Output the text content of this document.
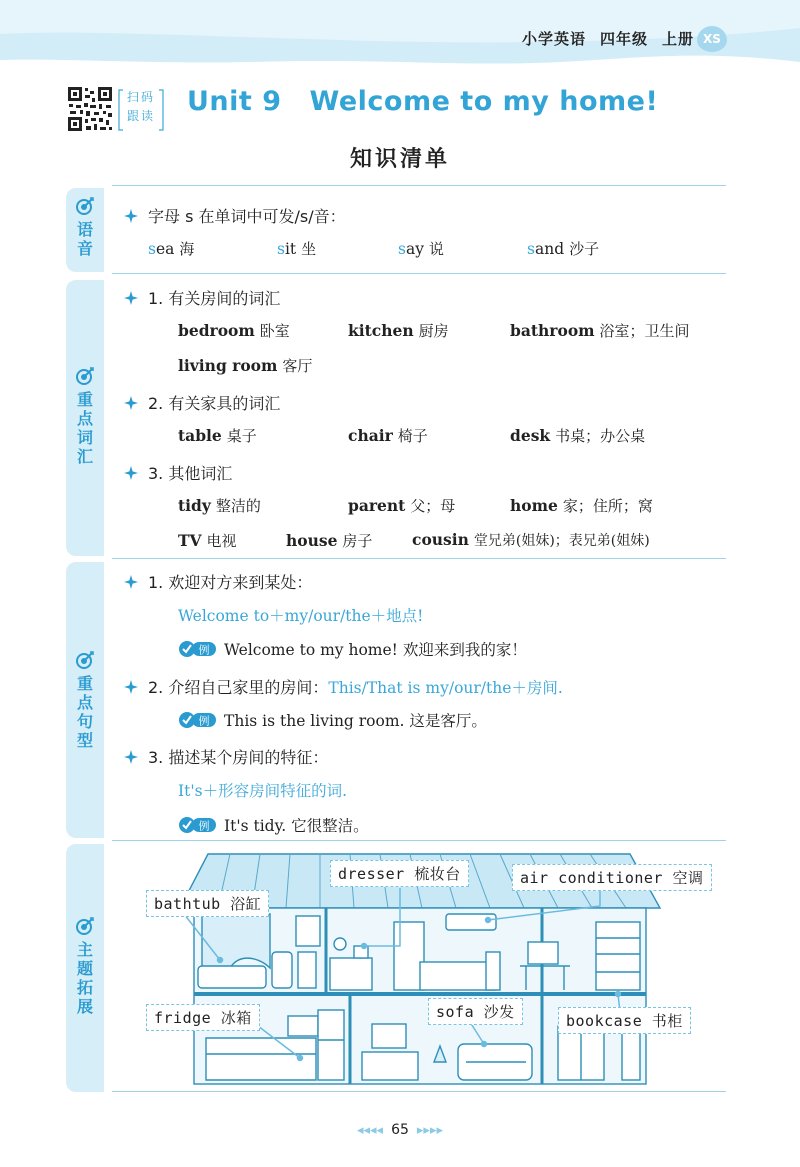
小学英语 四年级 上册 XS
扫码
跟读	Unit 9 Welcome to my home!
知识清单
语
音
重
点
词
汇
重
点
句
型
主
题
拓
展
字母 s 在单词中可发/s/音：
sea 海	sit 坐	say 说	sand 沙子
1. 有关房间的词汇
bedroom 卧室	kitchen 厨房	bathroom 浴室；卫生间
living room 客厅
2. 有关家具的词汇
table 桌子	chair 椅子	desk 书桌；办公桌
3. 其他词汇
tidy 整洁的	parent 父；母	home 家；住所；窝
TV 电视	house 房子	cousin 堂兄弟(姐妹)；表兄弟(姐妹)
1. 欢迎对方来到某处：
Welcome to＋my/our/the＋地点!
例 Welcome to my home! 欢迎来到我的家！
2. 介绍自己家里的房间：This/That is my/our/the＋房间.
例 This is the living room. 这是客厅。
3. 描述某个房间的特征：
It's＋形容房间特征的词.
例 It's tidy. 它很整洁。
dresser 梳妆台	air conditioner 空调
bathtub 浴缸
fridge 冰箱	sofa 沙发	bookcase 书柜
◂◂◂◂ 65 ▸▸▸▸
